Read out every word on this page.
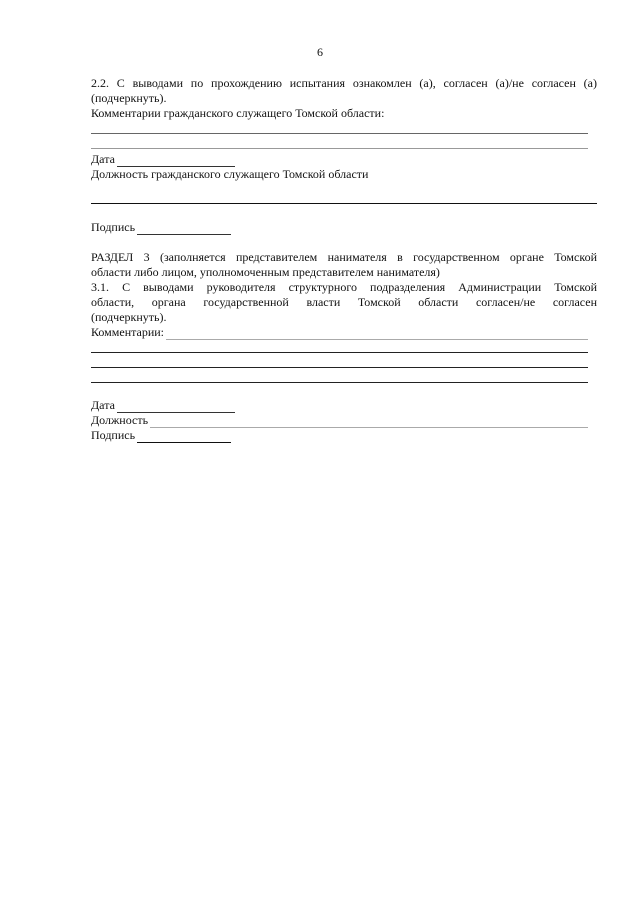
6

2.2. С выводами по прохождению испытания ознакомлен (а), согласен (а)/не согласен (а)

(подчеркнуть).

Комментарии гражданского служащего Томской области:

Дата

Должность гражданского служащего Томской области

Подпись

РАЗДЕЛ 3 (заполняется представителем нанимателя в государственном органе Томской

области либо лицом, уполномоченным представителем нанимателя)

3.1. С выводами руководителя структурного подразделения Администрации Томской

области, органа государственной власти Томской области согласен/не согласен

(подчеркнуть).

Комментарии:
Дата
Должность
Подпись
